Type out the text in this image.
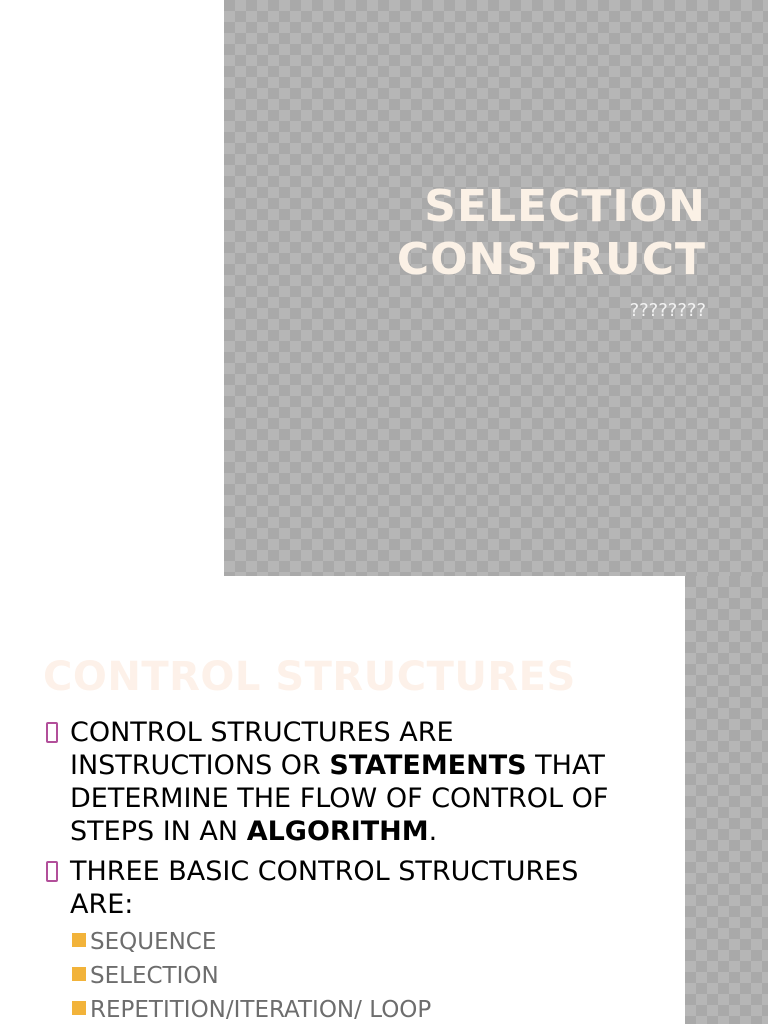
SELECTION
CONSTRUCT
????????
CONTROL STRUCTURES
CONTROL STRUCTURES ARE INSTRUCTIONS OR STATEMENTS THAT DETERMINE THE FLOW OF CONTROL OF STEPS IN AN ALGORITHM.
THREE BASIC CONTROL STRUCTURES ARE:
SEQUENCE
SELECTION
REPETITION/ITERATION/ LOOP
